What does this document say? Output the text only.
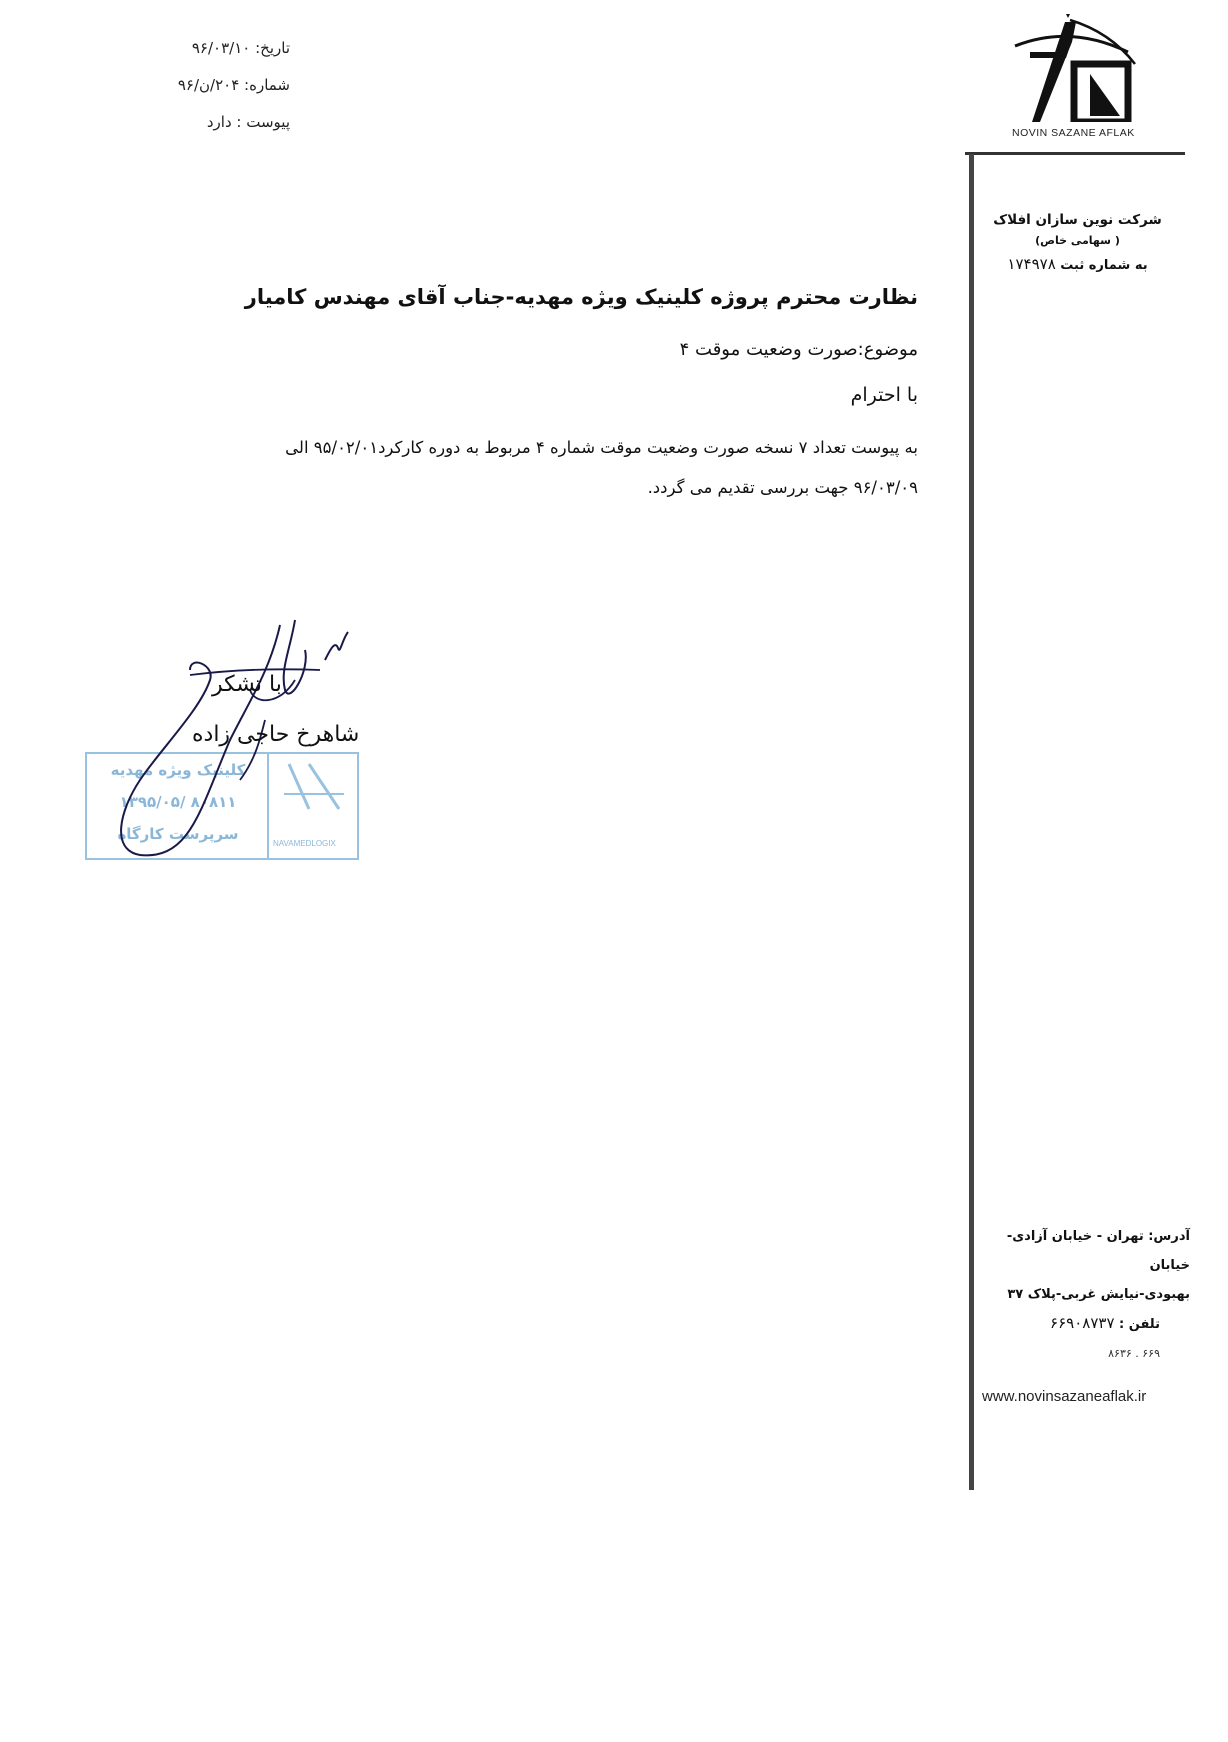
تاریخ: ۹۶/۰۳/۱۰
شماره: ۲۰۴/ن/۹۶
پیوست : دارد
NOVIN SAZANE AFLAK
شرکت نوین سازان افلاک
( سهامی خاص)
به شماره ثبت ۱۷۴۹۷۸
نظارت محترم پروژه کلینیک ویژه مهدیه-جناب آقای مهندس کامیار
موضوع:صورت وضعیت موقت ۴
با احترام
به پیوست تعداد ۷ نسخه صورت وضعیت موقت شماره ۴ مربوط به دوره کارکرد۹۵/۰۲/۰۱ الی
۹۶/۰۳/۰۹ جهت بررسی تقدیم می گردد.
کلینیک ویژه مهدیه
۸۰۸۱۱ /۱۳۹۵/۰۵
سرپرست کارگاه
NAVAMEDLOGIX
با تشکر
شاهرخ حاجی زاده
آدرس: تهران - خیابان آزادی-خیابان
بهبودی-نیایش غربی-پلاک ۳۷
تلفن : ۶۶۹۰۸۷۳۷
۶۶۹ . ۸۶۳۶
www.novinsazaneaflak.ir
